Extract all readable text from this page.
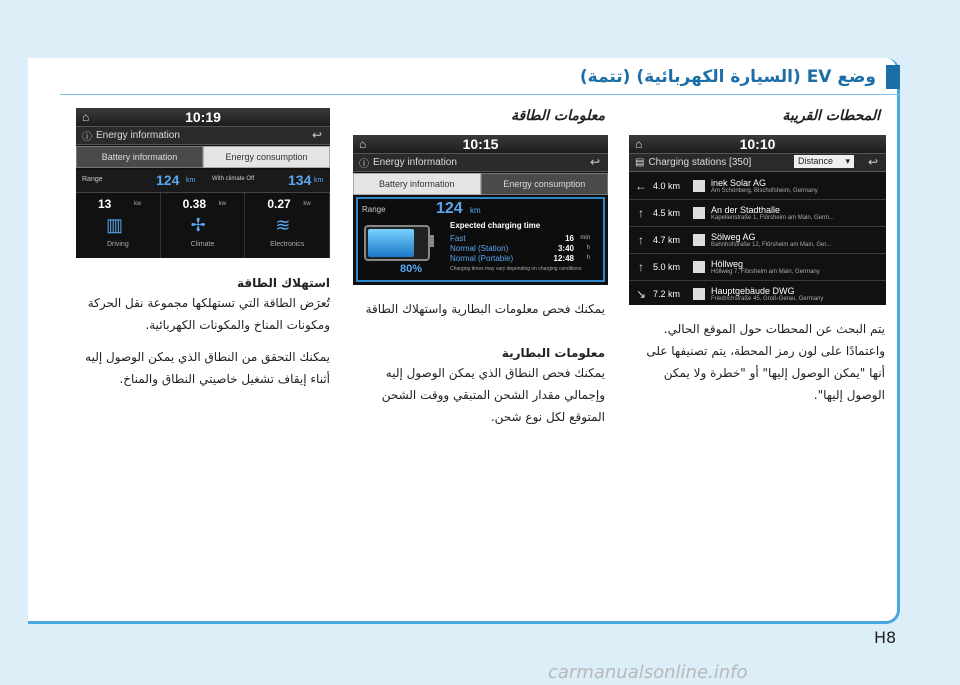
وضع EV (السيارة الكهربائية) (تتمة)
المحطات القريبة
⌂	10:10
▤ Charging stations [350]	Distance ▾ ↩
← 4.0 km	inek Solar AG
Am Schönberg, Bischofsheim, Germany
↑	4.5 km	An der Stadthalle
Kapellenstraße 1, Flörsheim am Main, Germ...
↑	4.7 km	Sölweg AG
Bahnhofstraße 12, Flörsheim am Main, Ger...
↑	5.0 km	Höllweg
Höllweg 7, Flörsheim am Main, Germany
↘ 7.2 km	Hauptgebäude DWG
Friedrichstraße 45, Groß-Gerau, Germany
يتم البحث عن المحطات حول الموقع الحالي. واعتمادًا على لون رمز المحطة، يتم تصنيفها على أنها "يمكن الوصول إليها" أو "خطرة ولا يمكن الوصول إليها".
معلومات الطاقة
⌂	10:15
ⓘ Energy information	↩
Battery information	Energy consumption
Range	124 km
80%
Expected charging time
Fast	16	min
Normal (Station)	3:40	h
Normal (Portable)	12:48	h
Charging times may vary depending on charging conditions
يمكنك فحص معلومات البطارية واستهلاك الطاقة
معلومات البطارية
يمكنك فحص النطاق الذي يمكن الوصول إليه وإجمالي مقدار الشحن المتبقي ووقت الشحن المتوقع لكل نوع شحن.
⌂	10:19
ⓘ Energy information	↩
Battery information	Energy consumption
Range	124 km	With climate Off 134 km
13	kw
▥
Driving
0.38 kw
✢
Climate
0.27 kw
≋
Electronics
استهلاك الطاقة
تُعرَض الطاقة التي تستهلكها مجموعة نقل الحركة ومكونات المناخ والمكونات الكهربائية.
يمكنك التحقق من النطاق الذي يمكن الوصول إليه أثناء إيقاف تشغيل خاصيتي النطاق والمناخ.
H8
carmanualsonline.info
